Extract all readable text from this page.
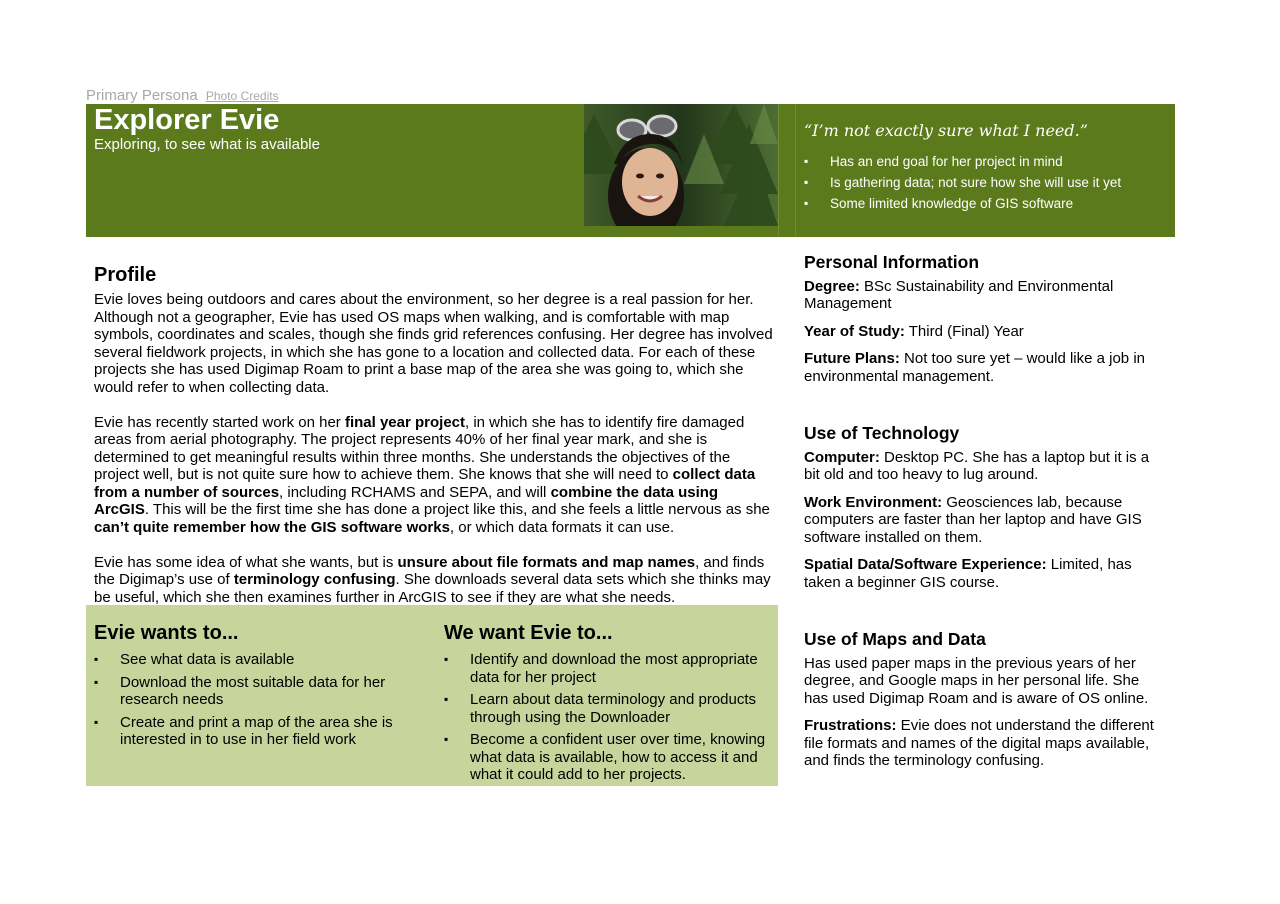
Primary Persona Photo Credits
Explorer Evie
Exploring, to see what is available
“I’m not exactly sure what I need.”
▪ Has an end goal for her project in mind
▪ Is gathering data; not sure how she will use it yet
▪ Some limited knowledge of GIS software
Profile

Evie loves being outdoors and cares about the environment, so her degree is a real passion for her. Although not a geographer, Evie has used OS maps when walking, and is comfortable with map symbols, coordinates and scales, though she finds grid references confusing. Her degree has involved several fieldwork projects, in which she has gone to a location and collected data. For each of these projects she has used Digimap Roam to print a base map of the area she was going to, which she would refer to when collecting data.

Evie has recently started work on her final year project, in which she has to identify fire damaged areas from aerial photography. The project represents 40% of her final year mark, and she is determined to get meaningful results within three months. She understands the objectives of the project well, but is not quite sure how to achieve them. She knows that she will need to collect data from a number of sources, including RCHAMS and SEPA, and will combine the data using ArcGIS. This will be the first time she has done a project like this, and she feels a little nervous as she can’t quite remember how the GIS software works, or which data formats it can use.

Evie has some idea of what she wants, but is unsure about file formats and map names, and finds the Digimap’s use of terminology confusing. She downloads several data sets which she thinks may be useful, which she then examines further in ArcGIS to see if they are what she needs.

Evie wants to...
▪ See what data is available
▪ Download the most suitable data for her research needs
▪ Create and print a map of the area she is interested in to use in her field work
We want Evie to...
▪ Identify and download the most appropriate data for her project
▪ Learn about data terminology and products through using the Downloader
▪ Become a confident user over time, knowing what data is available, how to access it and what it could add to her projects.
Personal Information

Degree: BSc Sustainability and Environmental Management

Year of Study: Third (Final) Year

Future Plans: Not too sure yet – would like a job in environmental management.

Use of Technology

Computer: Desktop PC. She has a laptop but it is a bit old and too heavy to lug around.

Work Environment: Geosciences lab, because computers are faster than her laptop and have GIS software installed on them.

Spatial Data/Software Experience: Limited, has taken a beginner GIS course.

Use of Maps and Data

Has used paper maps in the previous years of her degree, and Google maps in her personal life. She has used Digimap Roam and is aware of OS online.

Frustrations: Evie does not understand the different file formats and names of the digital maps available, and finds the terminology confusing.
